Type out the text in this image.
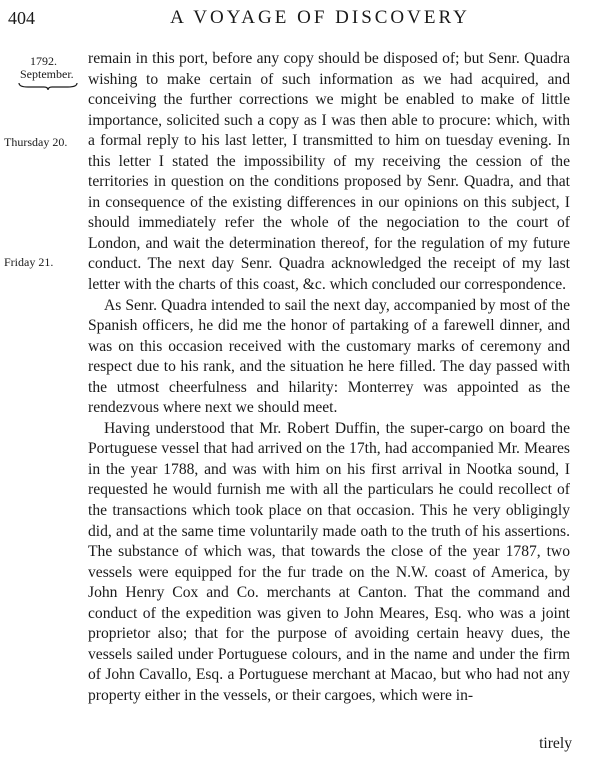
404	A VOYAGE OF DISCOVERY
1792.
September.
Thursday 20.
Friday 21.

remain in this port, before any copy should be disposed of; but Senr. Quadra wishing to make certain of such information as we had acquired, and conceiving the further corrections we might be enabled to make of little importance, solicited such a copy as I was then able to procure: which, with a formal reply to his last letter, I transmitted to him on tuesday evening. In this letter I stated the impossibility of my receiving the cession of the territories in question on the conditions proposed by Senr. Quadra, and that in consequence of the existing differences in our opinions on this subject, I should immediately refer the whole of the negociation to the court of London, and wait the determination thereof, for the regulation of my future conduct. The next day Senr. Quadra acknowledged the receipt of my last letter with the charts of this coast, &c. which concluded our correspondence.

As Senr. Quadra intended to sail the next day, accompanied by most of the Spanish officers, he did me the honor of partaking of a farewell dinner, and was on this occasion received with the customary marks of ceremony and respect due to his rank, and the situation he here filled. The day passed with the utmost cheerfulness and hilarity: Monterrey was appointed as the rendezvous where next we should meet.

Having understood that Mr. Robert Duffin, the super-cargo on board the Portuguese vessel that had arrived on the 17th, had accompanied Mr. Meares in the year 1788, and was with him on his first arrival in Nootka sound, I requested he would furnish me with all the particulars he could recollect of the transactions which took place on that occasion. This he very obligingly did, and at the same time voluntarily made oath to the truth of his assertions. The substance of which was, that towards the close of the year 1787, two vessels were equipped for the fur trade on the N.W. coast of America, by John Henry Cox and Co. merchants at Canton. That the command and conduct of the expedition was given to John Meares, Esq. who was a joint proprietor also; that for the purpose of avoiding certain heavy dues, the vessels sailed under Portuguese colours, and in the name and under the firm of John Cavallo, Esq. a Portuguese merchant at Macao, but who had not any property either in the vessels, or their cargoes, which were in-

tirely
